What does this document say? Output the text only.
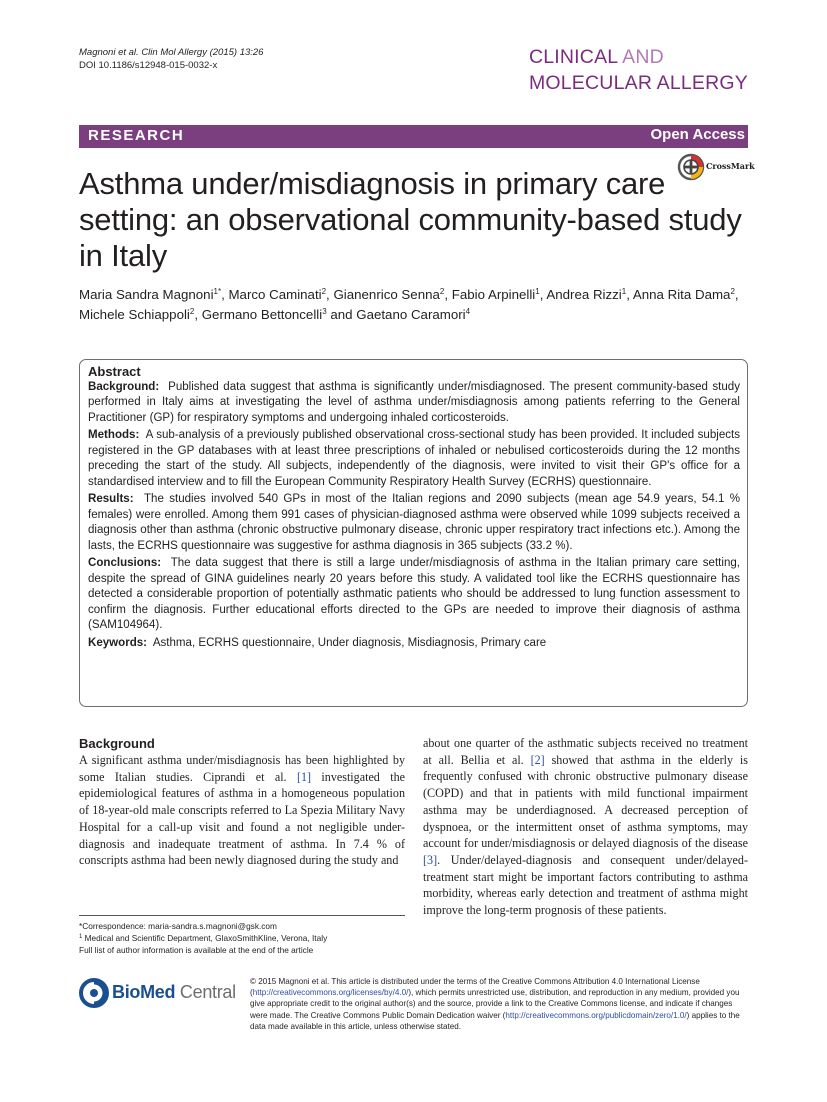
Magnoni et al. Clin Mol Allergy (2015) 13:26
DOI 10.1186/s12948-015-0032-x	CLINICAL AND
MOLECULAR ALLERGY
RESEARCH	Open Access
CrossMark
Asthma under/misdiagnosis in primary care setting: an observational community-based study in Italy
Maria Sandra Magnoni$^{1*}$, Marco Caminati$^2$, Gianenrico Senna$^2$, Fabio Arpinelli$^1$, Andrea Rizzi$^1$, Anna Rita Dama$^2$, Michele Schiappoli$^2$, Germano Bettoncelli$^3$ and Gaetano Caramori$^4$
Abstract

Background: Published data suggest that asthma is significantly under/misdiagnosed. The present community-based study performed in Italy aims at investigating the level of asthma under/misdiagnosis among patients referring to the General Practitioner (GP) for respiratory symptoms and undergoing inhaled corticosteroids.

Methods: A sub-analysis of a previously published observational cross-sectional study has been provided. It included subjects registered in the GP databases with at least three prescriptions of inhaled or nebulised corticosteroids during the 12 months preceding the start of the study. All subjects, independently of the diagnosis, were invited to visit their GP's office for a standardised interview and to fill the European Community Respiratory Health Survey (ECRHS) questionnaire.

Results: The studies involved 540 GPs in most of the Italian regions and 2090 subjects (mean age 54.9 years, 54.1 % females) were enrolled. Among them 991 cases of physician-diagnosed asthma were observed while 1099 subjects received a diagnosis other than asthma (chronic obstructive pulmonary disease, chronic upper respiratory tract infections etc.). Among the lasts, the ECRHS questionnaire was suggestive for asthma diagnosis in 365 subjects (33.2 %).

Conclusions: The data suggest that there is still a large under/misdiagnosis of asthma in the Italian primary care setting, despite the spread of GINA guidelines nearly 20 years before this study. A validated tool like the ECRHS questionnaire has detected a considerable proportion of potentially asthmatic patients who should be addressed to lung function assessment to confirm the diagnosis. Further educational efforts directed to the GPs are needed to improve their diagnosis of asthma (SAM104964).

Keywords: Asthma, ECRHS questionnaire, Under diagnosis, Misdiagnosis, Primary care

Background
A significant asthma under/misdiagnosis has been highlighted by some Italian studies. Ciprandi et al. [1] investigated the epidemiological features of asthma in a homogeneous population of 18-year-old male conscripts referred to La Spezia Military Navy Hospital for a call-up visit and found a not negligible under-diagnosis and inadequate treatment of asthma. In 7.4 % of conscripts asthma had been newly diagnosed during the study and
about one quarter of the asthmatic subjects received no treatment at all. Bellia et al. [2] showed that asthma in the elderly is frequently confused with chronic obstructive pulmonary disease (COPD) and that in patients with mild functional impairment asthma may be underdiagnosed. A decreased perception of dyspnoea, or the intermittent onset of asthma symptoms, may account for under/misdiagnosis or delayed diagnosis of the disease [3]. Under/delayed-diagnosis and consequent under/delayed-treatment start might be important factors contributing to asthma morbidity, whereas early detection and treatment of asthma might improve the long-term prognosis of these patients.
*Correspondence: maria-sandra.s.magnoni@gsk.com
$^1$ Medical and Scientific Department, GlaxoSmithKline, Verona, Italy
Full list of author information is available at the end of the article
BioMed Central
© 2015 Magnoni et al. This article is distributed under the terms of the Creative Commons Attribution 4.0 International License (http://creativecommons.org/licenses/by/4.0/), which permits unrestricted use, distribution, and reproduction in any medium, provided you give appropriate credit to the original author(s) and the source, provide a link to the Creative Commons license, and indicate if changes were made. The Creative Commons Public Domain Dedication waiver (http://creativecommons.org/publicdomain/zero/1.0/) applies to the data made available in this article, unless otherwise stated.
